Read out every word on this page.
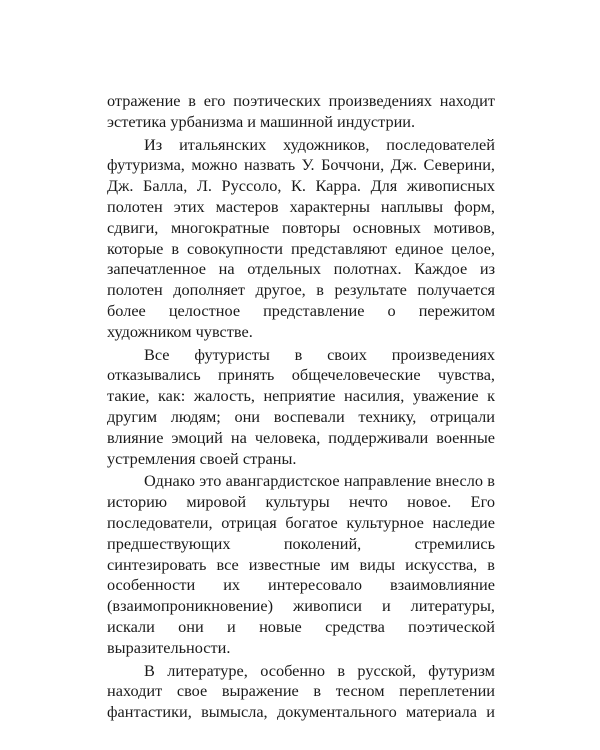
отражение в его поэтических произведениях находит эстетика урбанизма и машинной индустрии.

Из итальянских художников, последователей футуризма, можно назвать У. Боччони, Дж. Северини, Дж. Балла, Л. Руссоло, К. Карра. Для живописных полотен этих мастеров характерны наплывы форм, сдвиги, многократные повторы основных мотивов, которые в совокупности представляют единое целое, запечатленное на отдельных полотнах. Каждое из полотен дополняет другое, в результате получается более целостное представление о пережитом художником чувстве.

Все футуристы в своих произведениях отказывались принять общечеловеческие чувства, такие, как: жалость, неприятие насилия, уважение к другим людям; они воспевали технику, отрицали влияние эмоций на человека, поддерживали военные устремления своей страны.

Однако это авангардистское направление внесло в историю мировой культуры нечто новое. Его последователи, отрицая богатое культурное наследие предшествующих поколений, стремились синтезировать все известные им виды искусства, в особенности их интересовало взаимовлияние (взаимопроникновение) живописи и литературы, искали они и новые средства поэтической выразительности.

В литературе, особенно в русской, футуризм находит свое выражение в тесном переплетении фантастики, вымысла, документального материала и
